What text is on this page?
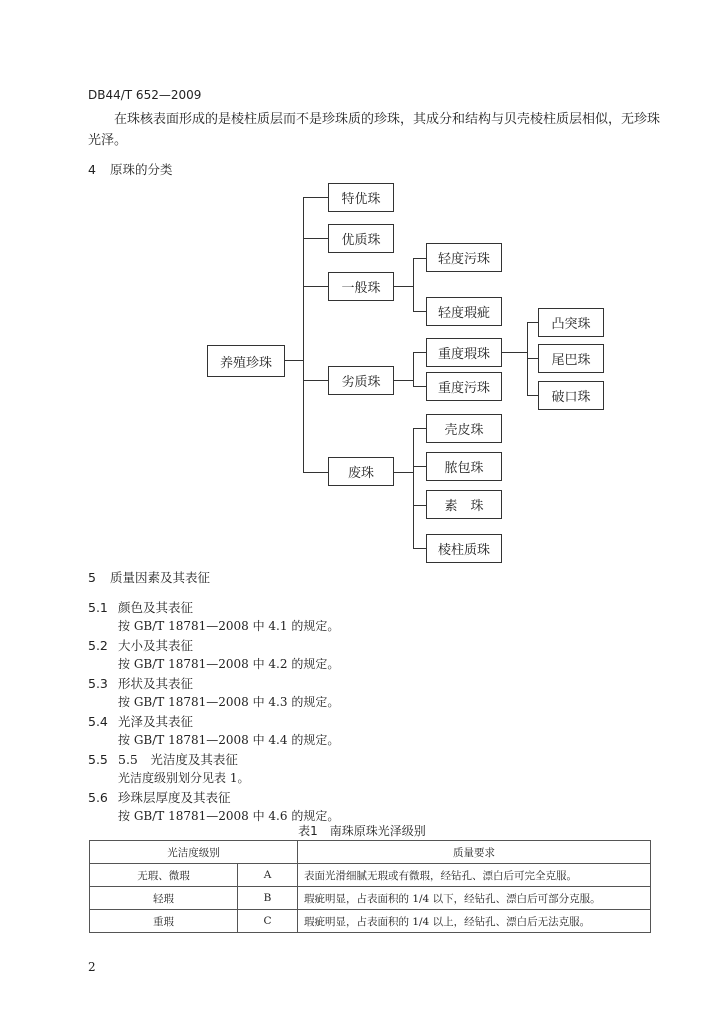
DB44/T 652—2009
在珠核表面形成的是棱柱质层而不是珍珠质的珍珠，其成分和结构与贝壳棱柱质层相似，无珍珠光泽。
4 原珠的分类
养殖珍珠
特优珠
优质珠
一般珠
劣质珠
废珠
轻度污珠
轻度瑕疵
重度瑕珠
重度污珠
凸突珠
尾巴珠
破口珠
壳皮珠
脓包珠
素　珠
棱柱质珠
5 质量因素及其表征
5.1 颜色及其表征
按 GB/T 18781—2008 中 4.1 的规定。
5.2 大小及其表征
按 GB/T 18781—2008 中 4.2 的规定。
5.3 形状及其表征
按 GB/T 18781—2008 中 4.3 的规定。
5.4 光泽及其表征
按 GB/T 18781—2008 中 4.4 的规定。
5.5 5.5　光洁度及其表征
光洁度级别划分见表 1。
5.6 珍珠层厚度及其表征
按 GB/T 18781—2008 中 4.6 的规定。
表1　南珠原珠光泽级别
光洁度级别		质量要求
无瑕、微瑕	A	表面光滑细腻无瑕或有微瑕，经钻孔、漂白后可完全克服。
轻瑕	B	瑕疵明显，占表面积的 1/4 以下，经钻孔、漂白后可部分克服。
重瑕	C	瑕疵明显，占表面积的 1/4 以上，经钻孔、漂白后无法克服。
2
